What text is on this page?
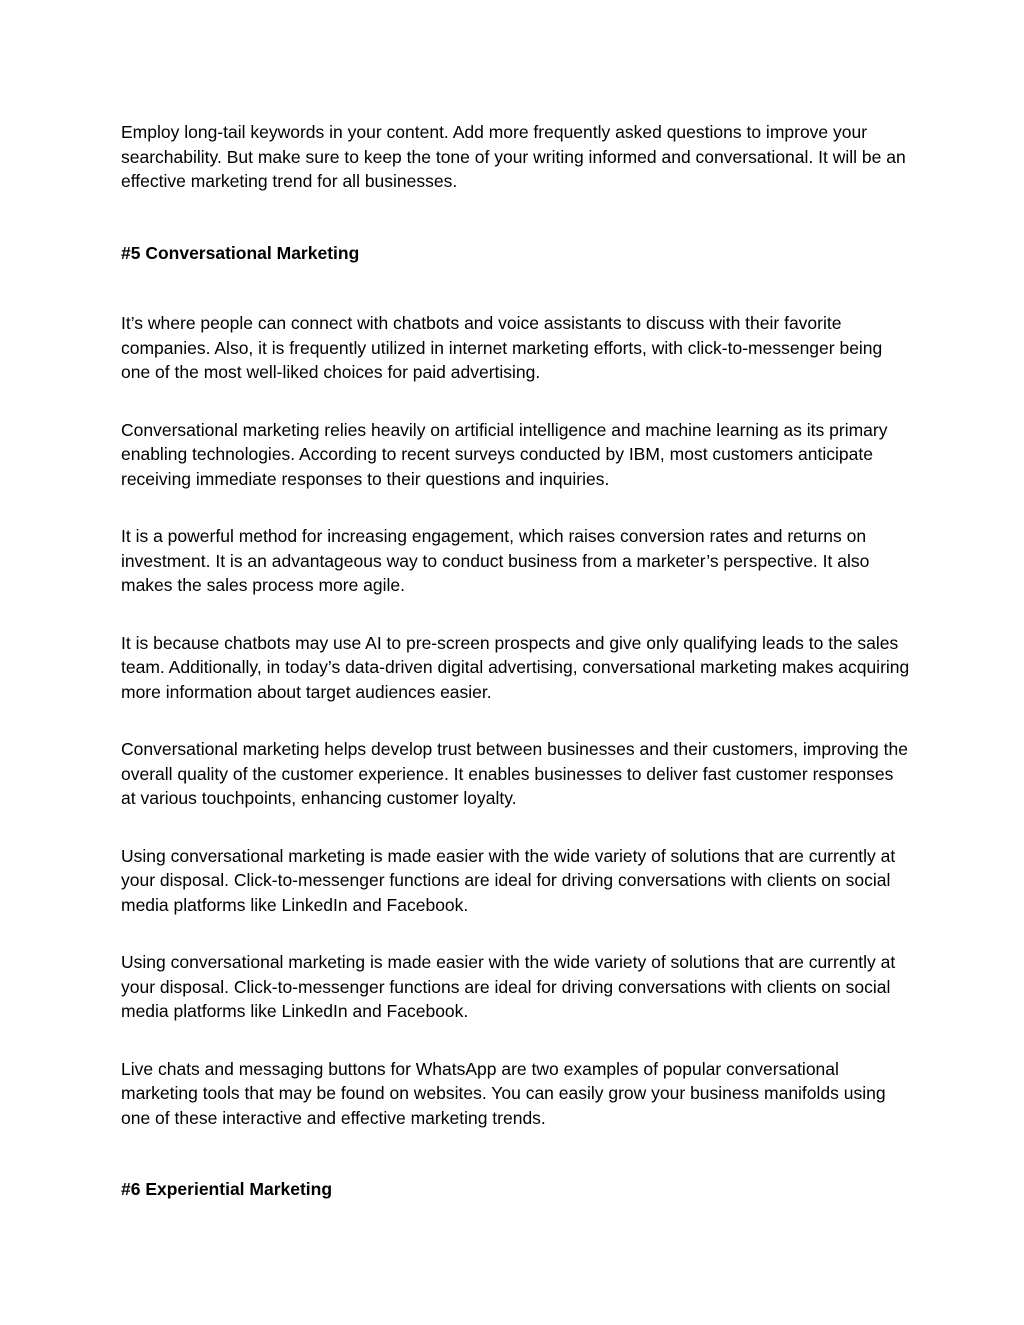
Employ long-tail keywords in your content. Add more frequently asked questions to improve your searchability. But make sure to keep the tone of your writing informed and conversational. It will be an effective marketing trend for all businesses.

#5 Conversational Marketing

It’s where people can connect with chatbots and voice assistants to discuss with their favorite companies. Also, it is frequently utilized in internet marketing efforts, with click-to-messenger being one of the most well-liked choices for paid advertising.

Conversational marketing relies heavily on artificial intelligence and machine learning as its primary enabling technologies. According to recent surveys conducted by IBM, most customers anticipate receiving immediate responses to their questions and inquiries.

It is a powerful method for increasing engagement, which raises conversion rates and returns on investment. It is an advantageous way to conduct business from a marketer’s perspective. It also makes the sales process more agile.

It is because chatbots may use AI to pre-screen prospects and give only qualifying leads to the sales team. Additionally, in today’s data-driven digital advertising, conversational marketing makes acquiring more information about target audiences easier.

Conversational marketing helps develop trust between businesses and their customers, improving the overall quality of the customer experience. It enables businesses to deliver fast customer responses at various touchpoints, enhancing customer loyalty.

Using conversational marketing is made easier with the wide variety of solutions that are currently at your disposal. Click-to-messenger functions are ideal for driving conversations with clients on social media platforms like LinkedIn and Facebook.

Using conversational marketing is made easier with the wide variety of solutions that are currently at your disposal. Click-to-messenger functions are ideal for driving conversations with clients on social media platforms like LinkedIn and Facebook.

Live chats and messaging buttons for WhatsApp are two examples of popular conversational marketing tools that may be found on websites. You can easily grow your business manifolds using one of these interactive and effective marketing trends.

#6 Experiential Marketing
